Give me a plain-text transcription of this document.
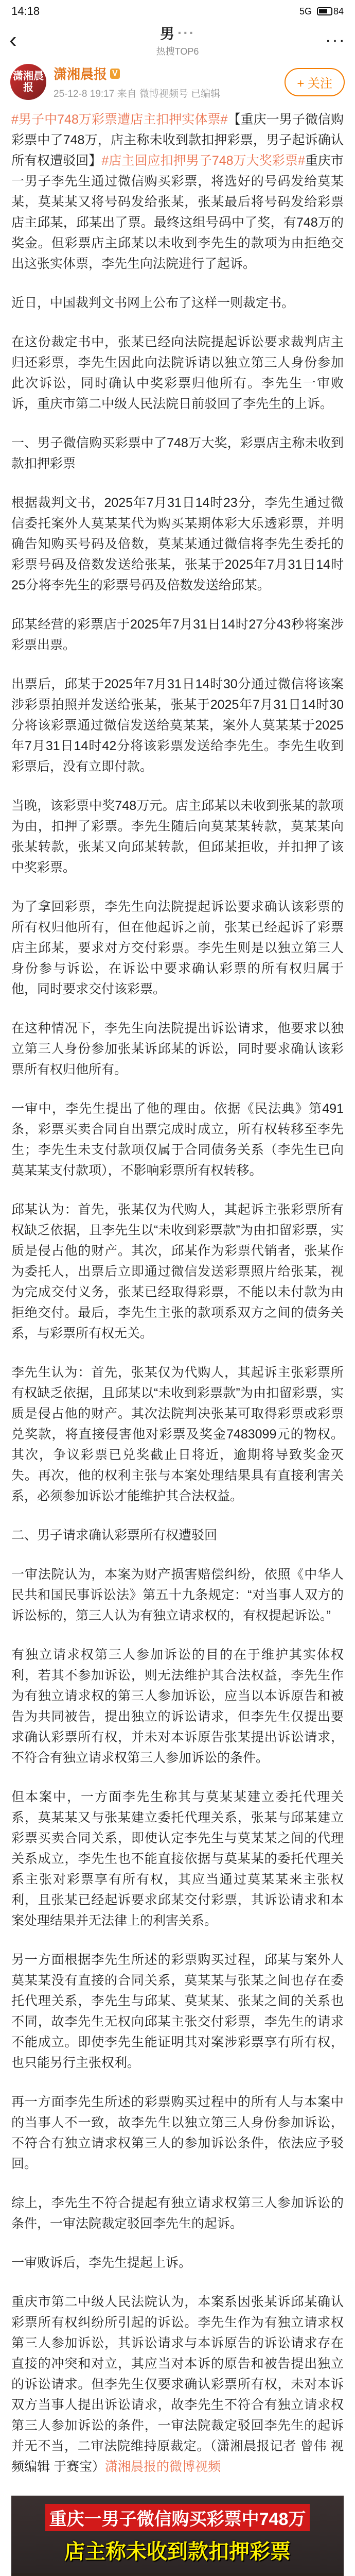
14:18	5G 84
‹	男 ···
热搜TOP6
···
潇湘晨报
潇湘晨报 V
25-12-8 19:17 来自 微博视频号 已编辑
+ 关注

#男子中748万彩票遭店主扣押实体票#【重庆一男子微信购彩票中了748万，店主称未收到款扣押彩票，男子起诉确认所有权遭驳回】#店主回应扣押男子748万大奖彩票#重庆市一男子李先生通过微信购买彩票，将选好的号码发给莫某某，莫某某又将号码发给张某，张某最后将号码发给彩票店主邱某，邱某出了票。最终这组号码中了奖，有748万的奖金。但彩票店主邱某以未收到李先生的款项为由拒绝交出这张实体票，李先生向法院进行了起诉。

近日，中国裁判文书网上公布了这样一则裁定书。

在这份裁定书中，张某已经向法院提起诉讼要求裁判店主归还彩票，李先生因此向法院诉请以独立第三人身份参加此次诉讼，同时确认中奖彩票归他所有。李先生一审败诉，重庆市第二中级人民法院日前驳回了李先生的上诉。

一、男子微信购买彩票中了748万大奖，彩票店主称未收到款扣押彩票

根据裁判文书，2025年7月31日14时23分，李先生通过微信委托案外人莫某某代为购买某期体彩大乐透彩票，并明确告知购买号码及倍数，莫某某通过微信将李先生委托的彩票号码及倍数发送给张某，张某于2025年7月31日14时25分将李先生的彩票号码及倍数发送给邱某。

邱某经营的彩票店于2025年7月31日14时27分43秒将案涉彩票出票。

出票后，邱某于2025年7月31日14时30分通过微信将该案涉彩票拍照并发送给张某，张某于2025年7月31日14时30分将该彩票通过微信发送给莫某某，案外人莫某某于2025年7月31日14时42分将该彩票发送给李先生。李先生收到彩票后，没有立即付款。

当晚，该彩票中奖748万元。店主邱某以未收到张某的款项为由，扣押了彩票。李先生随后向莫某某转款，莫某某向张某转款，张某又向邱某转款，但邱某拒收，并扣押了该中奖彩票。

为了拿回彩票，李先生向法院提起诉讼要求确认该彩票的所有权归他所有，但在他起诉之前，张某已经起诉了彩票店主邱某，要求对方交付彩票。李先生则是以独立第三人身份参与诉讼，在诉讼中要求确认彩票的所有权归属于他，同时要求交付该彩票。

在这种情况下，李先生向法院提出诉讼请求，他要求以独立第三人身份参加张某诉邱某的诉讼，同时要求确认该彩票所有权归他所有。

一审中，李先生提出了他的理由。依据《民法典》第491条，彩票买卖合同自出票完成时成立，所有权转移至李先生；李先生未支付款项仅属于合同债务关系（李先生已向莫某某支付款项），不影响彩票所有权转移。

邱某认为：首先，张某仅为代购人，其起诉主张彩票所有权缺乏依据，且李先生以“未收到彩票款”为由扣留彩票，实质是侵占他的财产。其次，邱某作为彩票代销者，张某作为委托人，出票后立即通过微信发送彩票照片给张某，视为完成交付义务，张某已经取得彩票，不能以未付款为由拒绝交付。最后，李先生主张的款项系双方之间的债务关系，与彩票所有权无关。

李先生认为：首先，张某仅为代购人，其起诉主张彩票所有权缺乏依据，且邱某以“未收到彩票款”为由扣留彩票，实质是侵占他的财产。其次法院判决张某可取得彩票或彩票兑奖款，将直接侵害他对彩票及奖金7483099元的物权。其次，争议彩票已兑奖截止日将近，逾期将导致奖金灭失。再次，他的权利主张与本案处理结果具有直接利害关系，必须参加诉讼才能维护其合法权益。

二、男子请求确认彩票所有权遭驳回

一审法院认为，本案为财产损害赔偿纠纷，依照《中华人民共和国民事诉讼法》第五十九条规定：“对当事人双方的诉讼标的，第三人认为有独立请求权的，有权提起诉讼。”

有独立请求权第三人参加诉讼的目的在于维护其实体权利，若其不参加诉讼，则无法维护其合法权益，李先生作为有独立请求权的第三人参加诉讼，应当以本诉原告和被告为共同被告，提出独立的诉讼请求，但李先生仅提出要求确认彩票所有权，并未对本诉原告张某提出诉讼请求，不符合有独立请求权第三人参加诉讼的条件。

但本案中，一方面李先生称其与莫某某建立委托代理关系，莫某某又与张某建立委托代理关系，张某与邱某建立彩票买卖合同关系，即使认定李先生与莫某某之间的代理关系成立，李先生也不能直接依据与莫某某的委托代理关系主张对彩票享有所有权，其应当通过莫某某来主张权利，且张某已经起诉要求邱某交付彩票，其诉讼请求和本案处理结果并无法律上的利害关系。

另一方面根据李先生所述的彩票购买过程，邱某与案外人莫某某没有直接的合同关系，莫某某与张某之间也存在委托代理关系，李先生与邱某、莫某某、张某之间的关系也不同，故李先生无权向邱某主张交付彩票，李先生的请求不能成立。即使李先生能证明其对案涉彩票享有所有权，也只能另行主张权利。

再一方面李先生所述的彩票购买过程中的所有人与本案中的当事人不一致，故李先生以独立第三人身份参加诉讼，不符合有独立请求权第三人的参加诉讼条件，依法应予驳回。

综上，李先生不符合提起有独立请求权第三人参加诉讼的条件，一审法院裁定驳回李先生的起诉。

一审败诉后，李先生提起上诉。

重庆市第二中级人民法院认为，本案系因张某诉邱某确认彩票所有权纠纷所引起的诉讼。李先生作为有独立请求权第三人参加诉讼，其诉讼请求与本诉原告的诉讼请求存在直接的冲突和对立，其应当对本诉的原告和被告提出独立的诉讼请求。但李先生仅要求确认彩票所有权，未对本诉双方当事人提出诉讼请求，故李先生不符合有独立请求权第三人参加诉讼的条件，一审法院裁定驳回李先生的起诉并无不当，二审法院维持原裁定。（潇湘晨报记者 曾伟 视频编辑 于赛宝）潇湘晨报的微博视频

重庆一男子微信购买彩票中748万
店主称未收到款扣押彩票
